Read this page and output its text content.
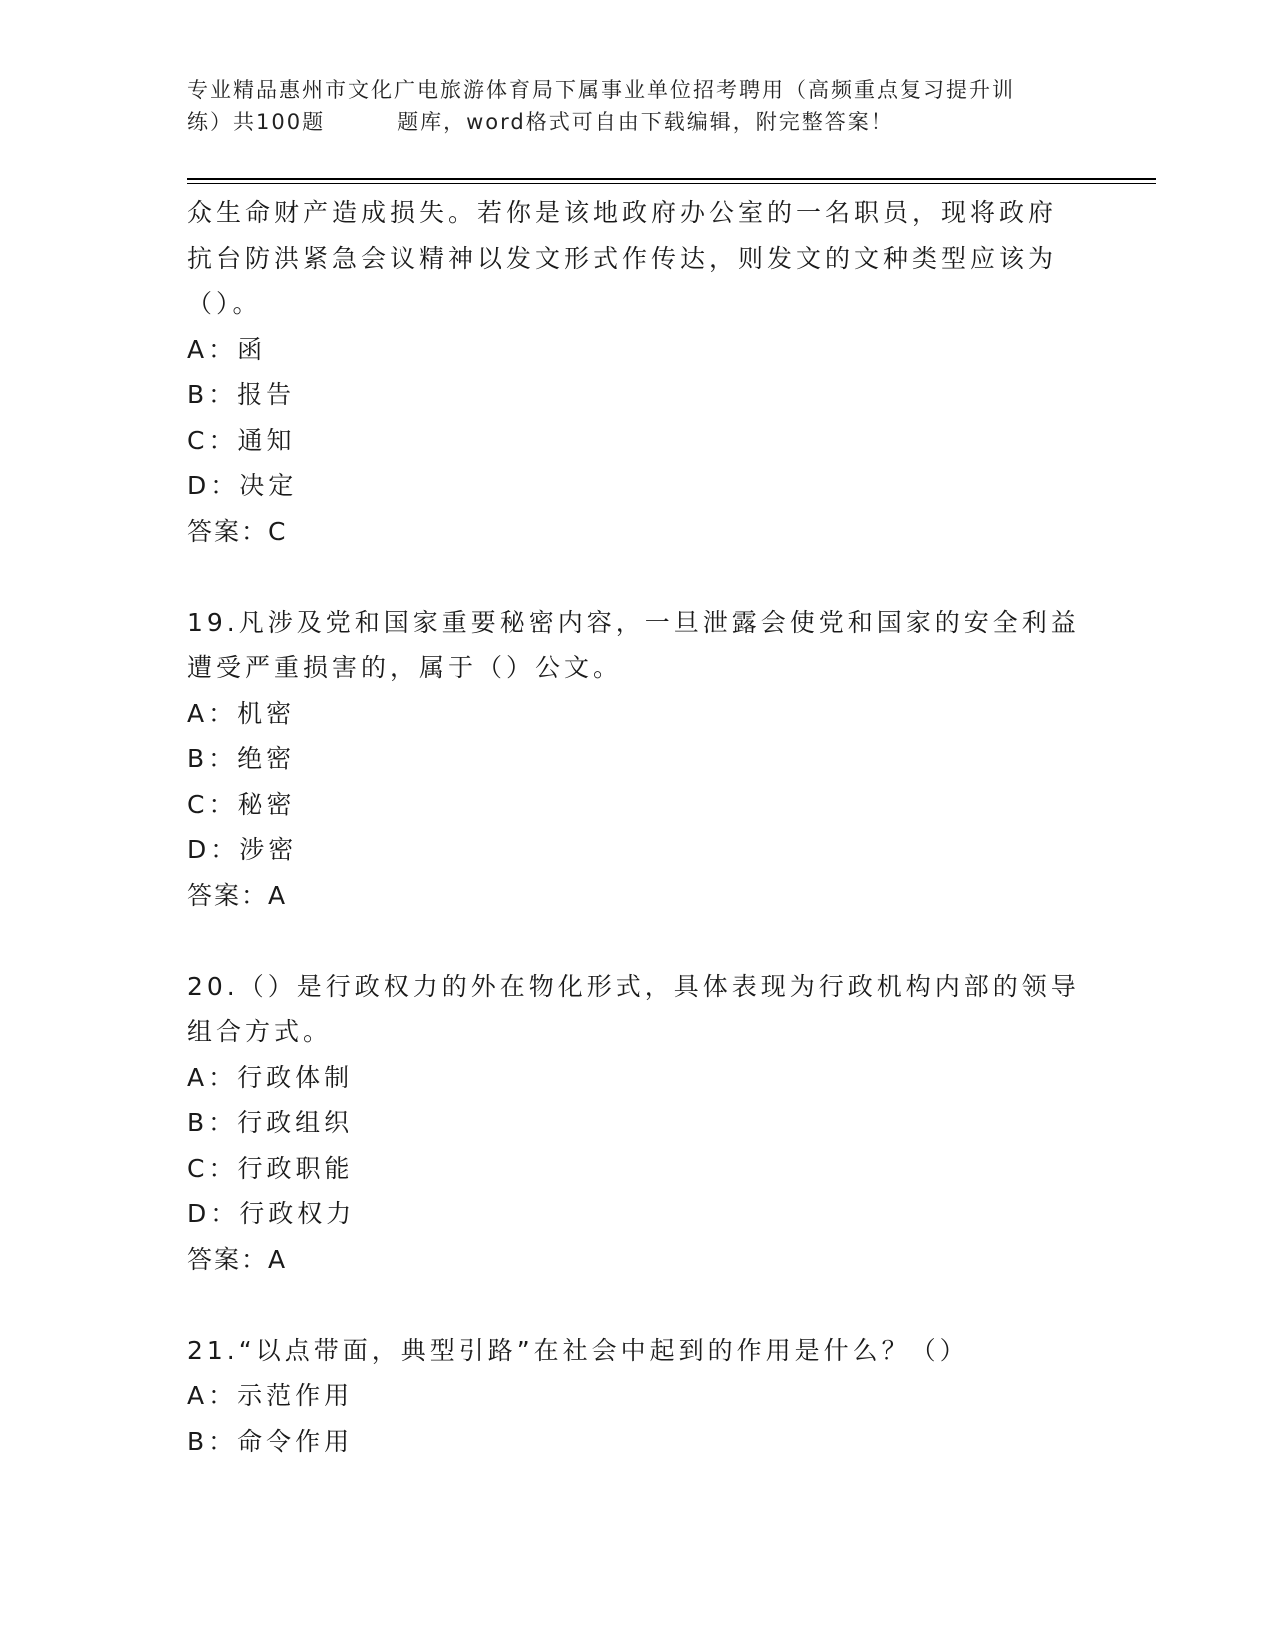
专业精品惠州市文化广电旅游体育局下属事业单位招考聘用（高频重点复习提升训
练）共100题	题库，word格式可自由下载编辑，附完整答案！
众生命财产造成损失。若你是该地政府办公室的一名职员，现将政府
抗台防洪紧急会议精神以发文形式作传达，则发文的文种类型应该为
（）。
A：函
B：报告
C：通知
D：决定
答案：C
19.凡涉及党和国家重要秘密内容，一旦泄露会使党和国家的安全利益
遭受严重损害的，属于（）公文。
A：机密
B：绝密
C：秘密
D：涉密
答案：A
20.（）是行政权力的外在物化形式，具体表现为行政机构内部的领导
组合方式。
A：行政体制
B：行政组织
C：行政职能
D：行政权力
答案：A
21.“以点带面，典型引路”在社会中起到的作用是什么？（）
A：示范作用
B：命令作用
